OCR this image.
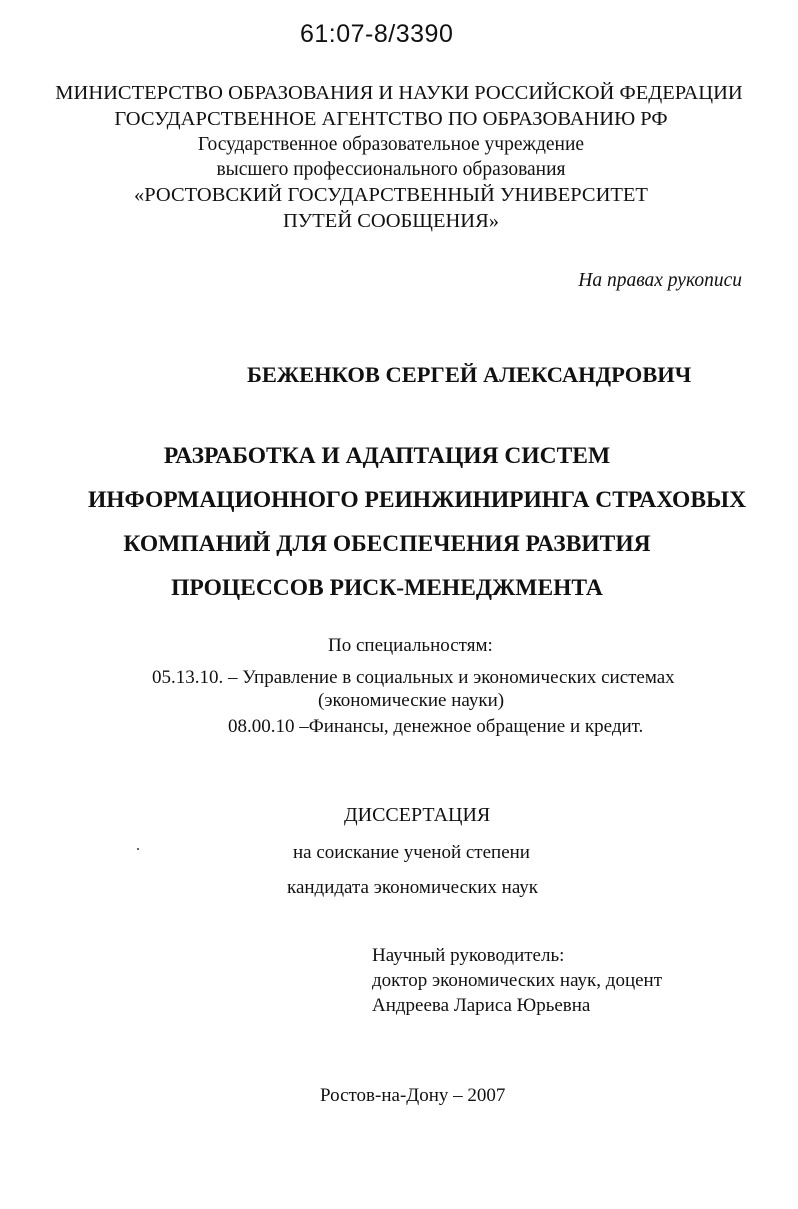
61:07-8/3390
МИНИСТЕРСТВО ОБРАЗОВАНИЯ И НАУКИ РОССИЙСКОЙ ФЕДЕРАЦИИ
ГОСУДАРСТВЕННОЕ АГЕНТСТВО ПО ОБРАЗОВАНИЮ РФ
Государственное образовательное учреждение
высшего профессионального образования
«РОСТОВСКИЙ ГОСУДАРСТВЕННЫЙ УНИВЕРСИТЕТ
ПУТЕЙ СООБЩЕНИЯ»
На правах рукописи
БЕЖЕНКОВ СЕРГЕЙ АЛЕКСАНДРОВИЧ
РАЗРАБОТКА И АДАПТАЦИЯ СИСТЕМ
ИНФОРМАЦИОННОГО РЕИНЖИНИРИНГА СТРАХОВЫХ
КОМПАНИЙ ДЛЯ ОБЕСПЕЧЕНИЯ РАЗВИТИЯ
ПРОЦЕССОВ РИСК-МЕНЕДЖМЕНТА
По специальностям:
05.13.10. – Управление в социальных и экономических системах
(экономические науки)
08.00.10 –Финансы, денежное обращение и кредит.
ДИССЕРТАЦИЯ
на соискание ученой степени
кандидата экономических наук
Научный руководитель:
доктор экономических наук, доцент
Андреева Лариса Юрьевна
Ростов-на-Дону – 2007
